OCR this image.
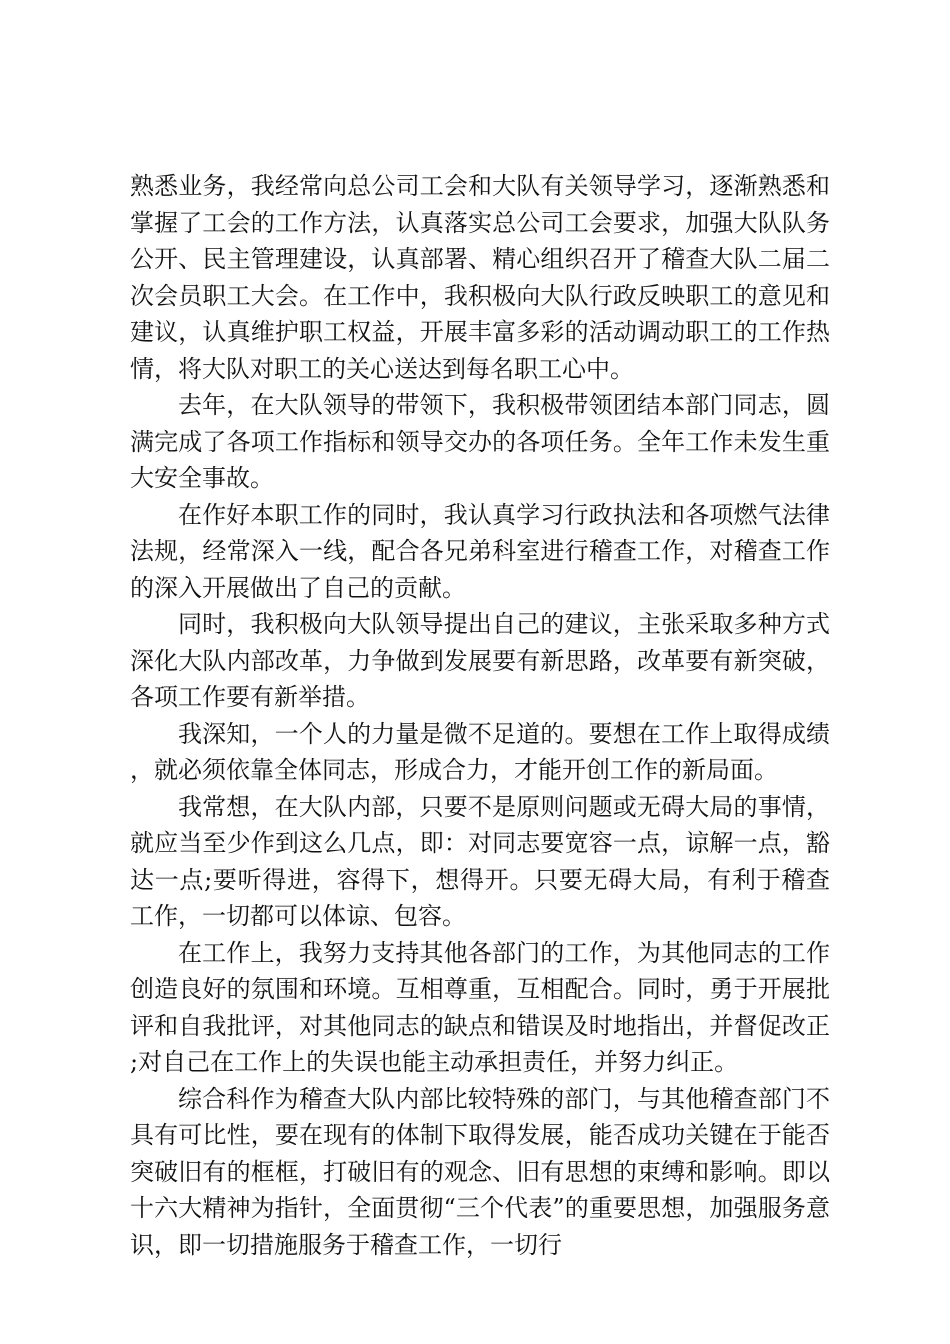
熟悉业务，我经常向总公司工会和大队有关领导学习，逐渐熟悉和掌握了工会的工作方法，认真落实总公司工会要求，加强大队队务公开、民主管理建设，认真部署、精心组织召开了稽查大队二届二次会员职工大会。在工作中，我积极向大队行政反映职工的意见和建议，认真维护职工权益，开展丰富多彩的活动调动职工的工作热情，将大队对职工的关心送达到每名职工心中。

去年，在大队领导的带领下，我积极带领团结本部门同志，圆满完成了各项工作指标和领导交办的各项任务。全年工作未发生重大安全事故。

在作好本职工作的同时，我认真学习行政执法和各项燃气法律法规，经常深入一线，配合各兄弟科室进行稽查工作，对稽查工作的深入开展做出了自己的贡献。

同时，我积极向大队领导提出自己的建议，主张采取多种方式深化大队内部改革，力争做到发展要有新思路，改革要有新突破，各项工作要有新举措。

我深知，一个人的力量是微不足道的。要想在工作上取得成绩，就必须依靠全体同志，形成合力，才能开创工作的新局面。

我常想，在大队内部，只要不是原则问题或无碍大局的事情，就应当至少作到这么几点，即：对同志要宽容一点，谅解一点，豁达一点;要听得进，容得下，想得开。只要无碍大局，有利于稽查工作，一切都可以体谅、包容。

在工作上，我努力支持其他各部门的工作，为其他同志的工作创造良好的氛围和环境。互相尊重，互相配合。同时，勇于开展批评和自我批评，对其他同志的缺点和错误及时地指出，并督促改正;对自己在工作上的失误也能主动承担责任，并努力纠正。

综合科作为稽查大队内部比较特殊的部门，与其他稽查部门不具有可比性，要在现有的体制下取得发展，能否成功关键在于能否突破旧有的框框，打破旧有的观念、旧有思想的束缚和影响。即以十六大精神为指针，全面贯彻“三个代表”的重要思想，加强服务意识，即一切措施服务于稽查工作，一切行
